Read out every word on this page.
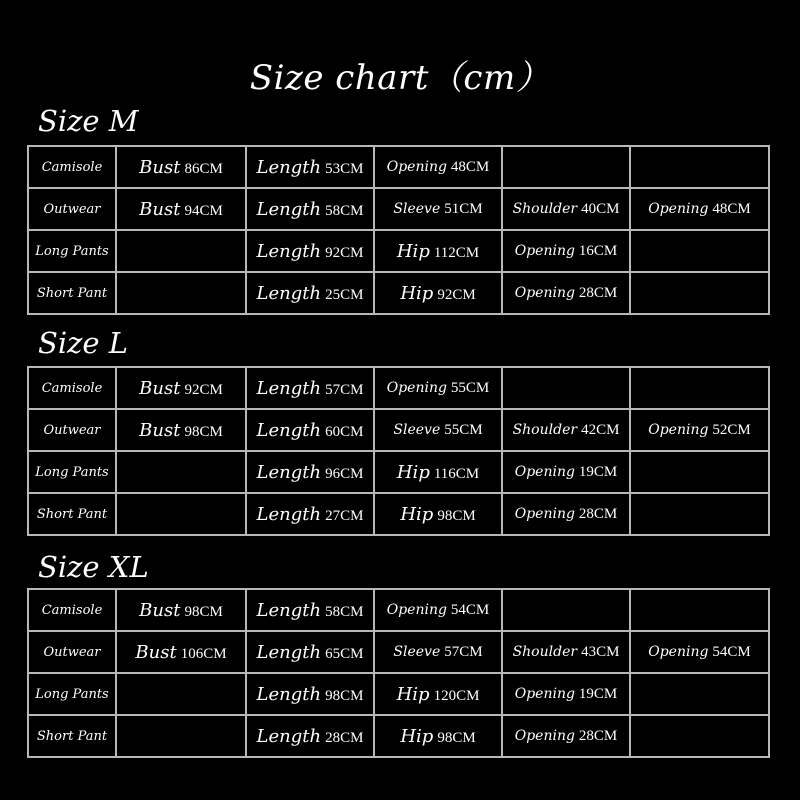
Size chart（cm）
Size M
Camisole	Bust 86CM	Length 53CM	Opening 48CM		

Outwear	Bust 94CM	Length 58CM	Sleeve 51CM	Shoulder 40CM	Opening 48CM

Long Pants		Length 92CM	Hip 112CM	Opening 16CM	

Short Pant		Length 25CM	Hip 92CM	Opening 28CM	

Size L
Camisole	Bust 92CM	Length 57CM	Opening 55CM		

Outwear	Bust 98CM	Length 60CM	Sleeve 55CM	Shoulder 42CM	Opening 52CM

Long Pants		Length 96CM	Hip 116CM	Opening 19CM	

Short Pant		Length 27CM	Hip 98CM	Opening 28CM	

Size XL
Camisole	Bust 98CM	Length 58CM	Opening 54CM		

Outwear	Bust 106CM	Length 65CM	Sleeve 57CM	Shoulder 43CM	Opening 54CM

Long Pants		Length 98CM	Hip 120CM	Opening 19CM	

Short Pant		Length 28CM	Hip 98CM	Opening 28CM	
